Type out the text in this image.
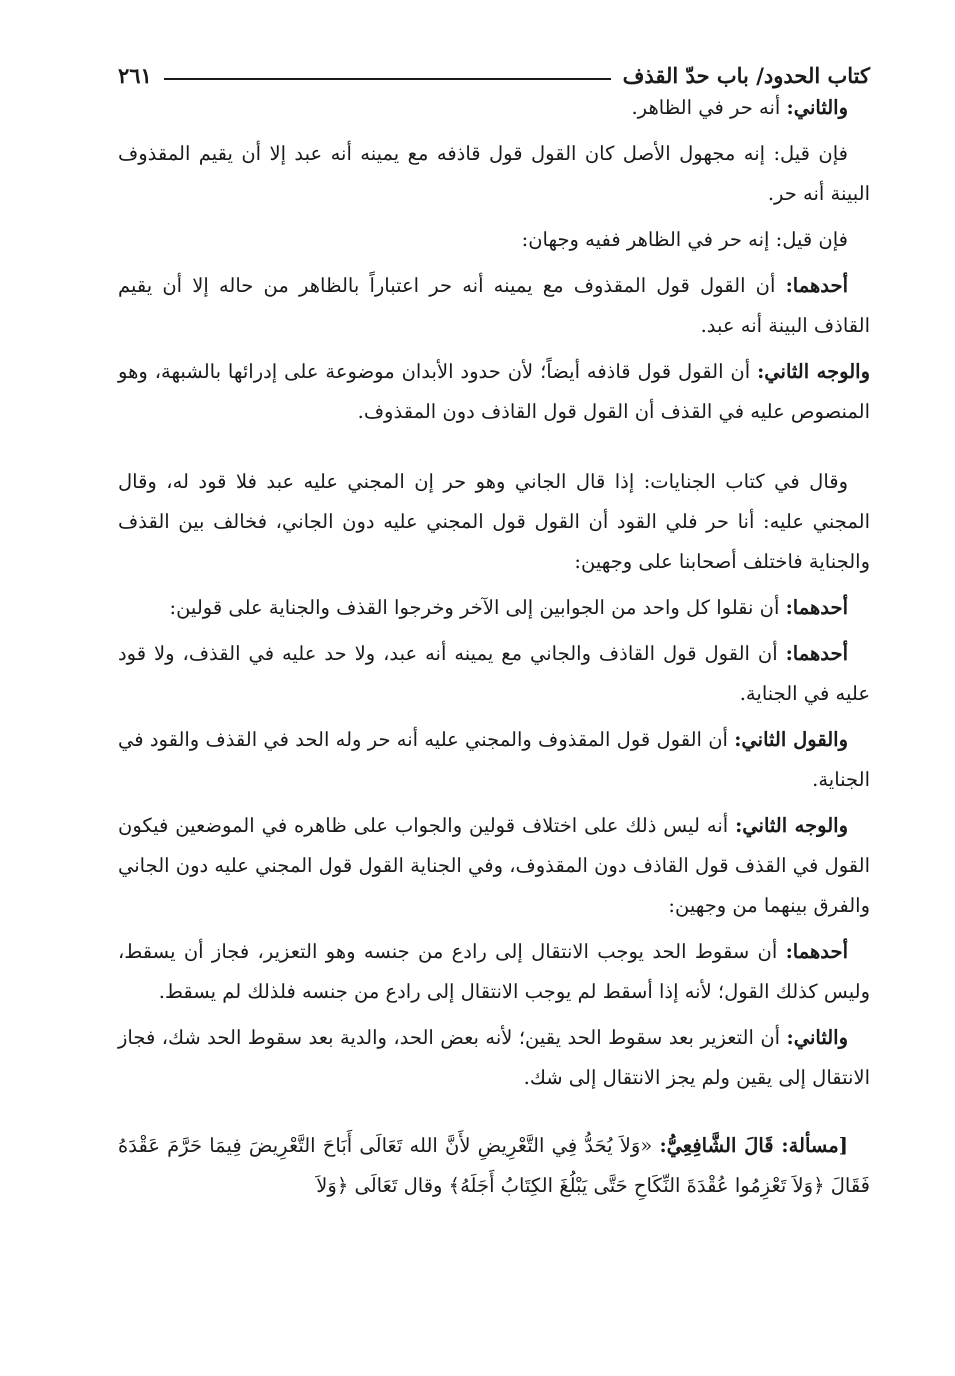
كتاب الحدود/ باب حدّ القذف
٢٦١

والثاني: أنه حر في الظاهر.

فإن قيل: إنه مجهول الأصل كان القول قول قاذفه مع يمينه أنه عبد إلا أن يقيم المقذوف البينة أنه حر.

فإن قيل: إنه حر في الظاهر ففيه وجهان:

أحدهما: أن القول قول المقذوف مع يمينه أنه حر اعتباراً بالظاهر من حاله إلا أن يقيم القاذف البينة أنه عبد.

والوجه الثاني: أن القول قول قاذفه أيضاً؛ لأن حدود الأبدان موضوعة على إدرائها بالشبهة، وهو المنصوص عليه في القذف أن القول قول القاذف دون المقذوف.

وقال في كتاب الجنايات: إذا قال الجاني وهو حر إن المجني عليه عبد فلا قود له، وقال المجني عليه: أنا حر فلي القود أن القول قول المجني عليه دون الجاني، فخالف بين القذف والجناية فاختلف أصحابنا على وجهين:

أحدهما: أن نقلوا كل واحد من الجوابين إلى الآخر وخرجوا القذف والجناية على قولين:

أحدهما: أن القول قول القاذف والجاني مع يمينه أنه عبد، ولا حد عليه في القذف، ولا قود عليه في الجناية.

والقول الثاني: أن القول قول المقذوف والمجني عليه أنه حر وله الحد في القذف والقود في الجناية.

والوجه الثاني: أنه ليس ذلك على اختلاف قولين والجواب على ظاهره في الموضعين فيكون القول في القذف قول القاذف دون المقذوف، وفي الجناية القول قول المجني عليه دون الجاني والفرق بينهما من وجهين:

أحدهما: أن سقوط الحد يوجب الانتقال إلى رادع من جنسه وهو التعزير، فجاز أن يسقط، وليس كذلك القول؛ لأنه إذا أسقط لم يوجب الانتقال إلى رادع من جنسه فلذلك لم يسقط.

والثاني: أن التعزير بعد سقوط الحد يقين؛ لأنه بعض الحد، والدية بعد سقوط الحد شك، فجاز الانتقال إلى يقين ولم يجز الانتقال إلى شك.

[مسألة: قَالَ الشَّافِعِيُّ: «وَلاَ يُحَدُّ فِي التَّعْرِيضِ لأَنَّ الله تَعَالَى أَبَاحَ التَّعْرِيضَ فِيمَا حَرَّمَ عَقْدَهُ فَقَالَ ﴿وَلاَ تَعْزِمُوا عُقْدَةَ النِّكَاحِ حَتَّى يَبْلُغَ الكِتَابُ أَجَلَهُ﴾ وقال تَعَالَى ﴿وَلاَ
